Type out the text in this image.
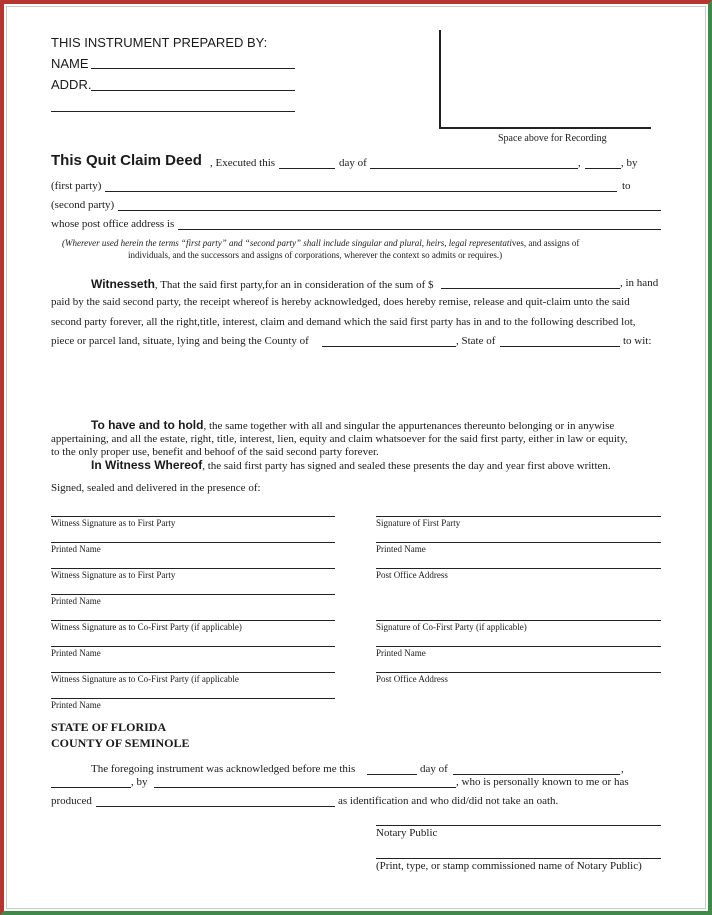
THIS INSTRUMENT PREPARED BY:
NAME
ADDR.
Space above for Recording
This Quit Claim Deed , Executed this	day of	,	, by
(first party)	to
(second party)
whose post office address is
(Wherever used herein the terms “first party” and “second party” shall include singular and plural, heirs, legal representatives, and assigns of
individuals, and the successors and assigns of corporations, wherever the context so admits or requires.)
Witnesseth, That the said first party,for an in consideration of the sum of $	, in hand
paid by the said second party, the receipt whereof is hereby acknowledged, does hereby remise, release and quit-claim unto the said
second party forever, all the right,title, interest, claim and demand which the said first party has in and to the following described lot,
piece or parcel land, situate, lying and being the County of	, State of	to wit:
To have and to hold, the same together with all and singular the appurtenances thereunto belonging or in anywise
appertaining, and all the estate, right, title, interest, lien, equity and claim whatsoever for the said first party, either in law or equity,
to the only proper use, benefit and behoof of the said second party forever.
In Witness Whereof, the said first party has signed and sealed these presents the day and year first above written.
Signed, sealed and delivered in the presence of:
Witness Signature as to First Party
Printed Name
Witness Signature as to First Party
Printed Name
Witness Signature as to Co-First Party (if applicable)
Printed Name
Witness Signature as to Co-First Party (if applicable
Printed Name
Signature of First Party
Printed Name
Post Office Address
Signature of Co-First Party (if applicable)
Printed Name
Post Office Address
STATE OF FLORIDA
COUNTY OF SEMINOLE
The foregoing instrument was acknowledged before me this	day of	,
, by	, who is personally known to me or has
produced	as identification and who did/did not take an oath.
Notary Public
(Print, type, or stamp commissioned name of Notary Public)
